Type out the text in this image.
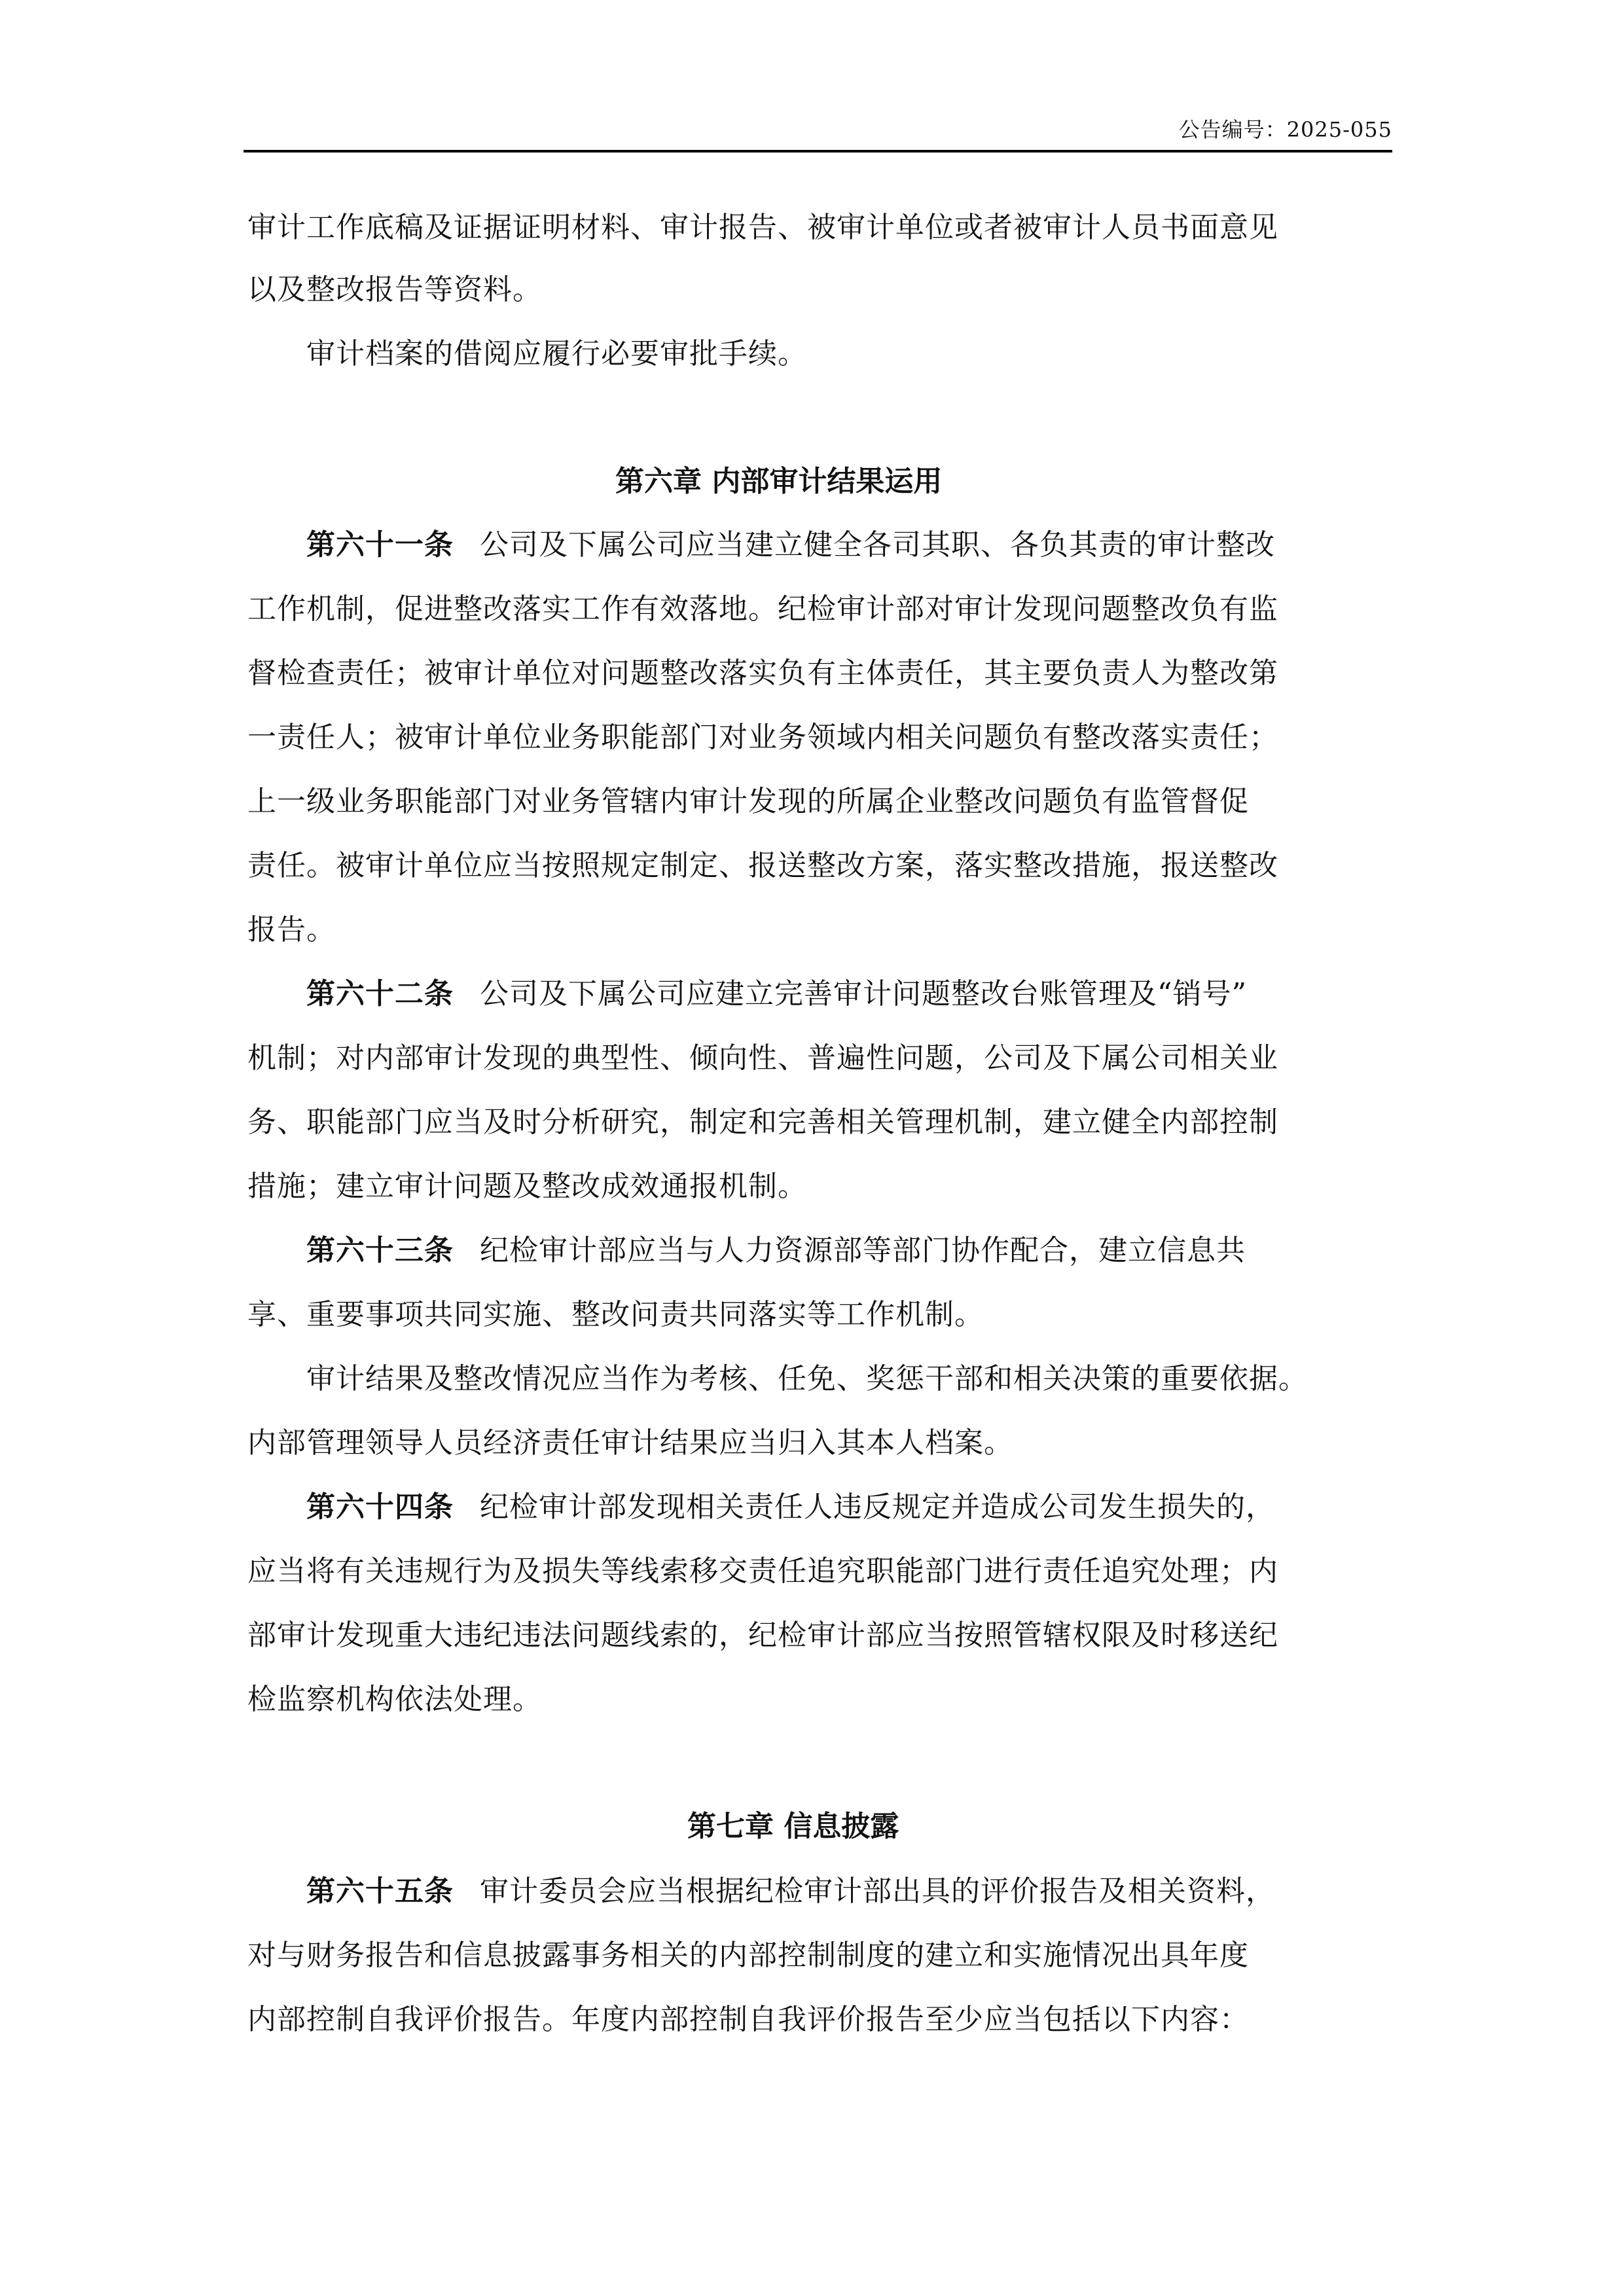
公告编号：2025-055
审计工作底稿及证据证明材料、审计报告、被审计单位或者被审计人员书面意见
以及整改报告等资料。
审计档案的借阅应履行必要审批手续。
第六章 内部审计结果运用
第六十一条 公司及下属公司应当建立健全各司其职、各负其责的审计整改
工作机制，促进整改落实工作有效落地。纪检审计部对审计发现问题整改负有监
督检查责任；被审计单位对问题整改落实负有主体责任，其主要负责人为整改第
一责任人；被审计单位业务职能部门对业务领域内相关问题负有整改落实责任；
上一级业务职能部门对业务管辖内审计发现的所属企业整改问题负有监管督促
责任。被审计单位应当按照规定制定、报送整改方案，落实整改措施，报送整改
报告。
第六十二条 公司及下属公司应建立完善审计问题整改台账管理及“销号”
机制；对内部审计发现的典型性、倾向性、普遍性问题，公司及下属公司相关业
务、职能部门应当及时分析研究，制定和完善相关管理机制，建立健全内部控制
措施；建立审计问题及整改成效通报机制。
第六十三条 纪检审计部应当与人力资源部等部门协作配合，建立信息共
享、重要事项共同实施、整改问责共同落实等工作机制。
审计结果及整改情况应当作为考核、任免、奖惩干部和相关决策的重要依据。
内部管理领导人员经济责任审计结果应当归入其本人档案。
第六十四条 纪检审计部发现相关责任人违反规定并造成公司发生损失的，
应当将有关违规行为及损失等线索移交责任追究职能部门进行责任追究处理；内
部审计发现重大违纪违法问题线索的，纪检审计部应当按照管辖权限及时移送纪
检监察机构依法处理。
第七章 信息披露
第六十五条 审计委员会应当根据纪检审计部出具的评价报告及相关资料，
对与财务报告和信息披露事务相关的内部控制制度的建立和实施情况出具年度
内部控制自我评价报告。年度内部控制自我评价报告至少应当包括以下内容：
